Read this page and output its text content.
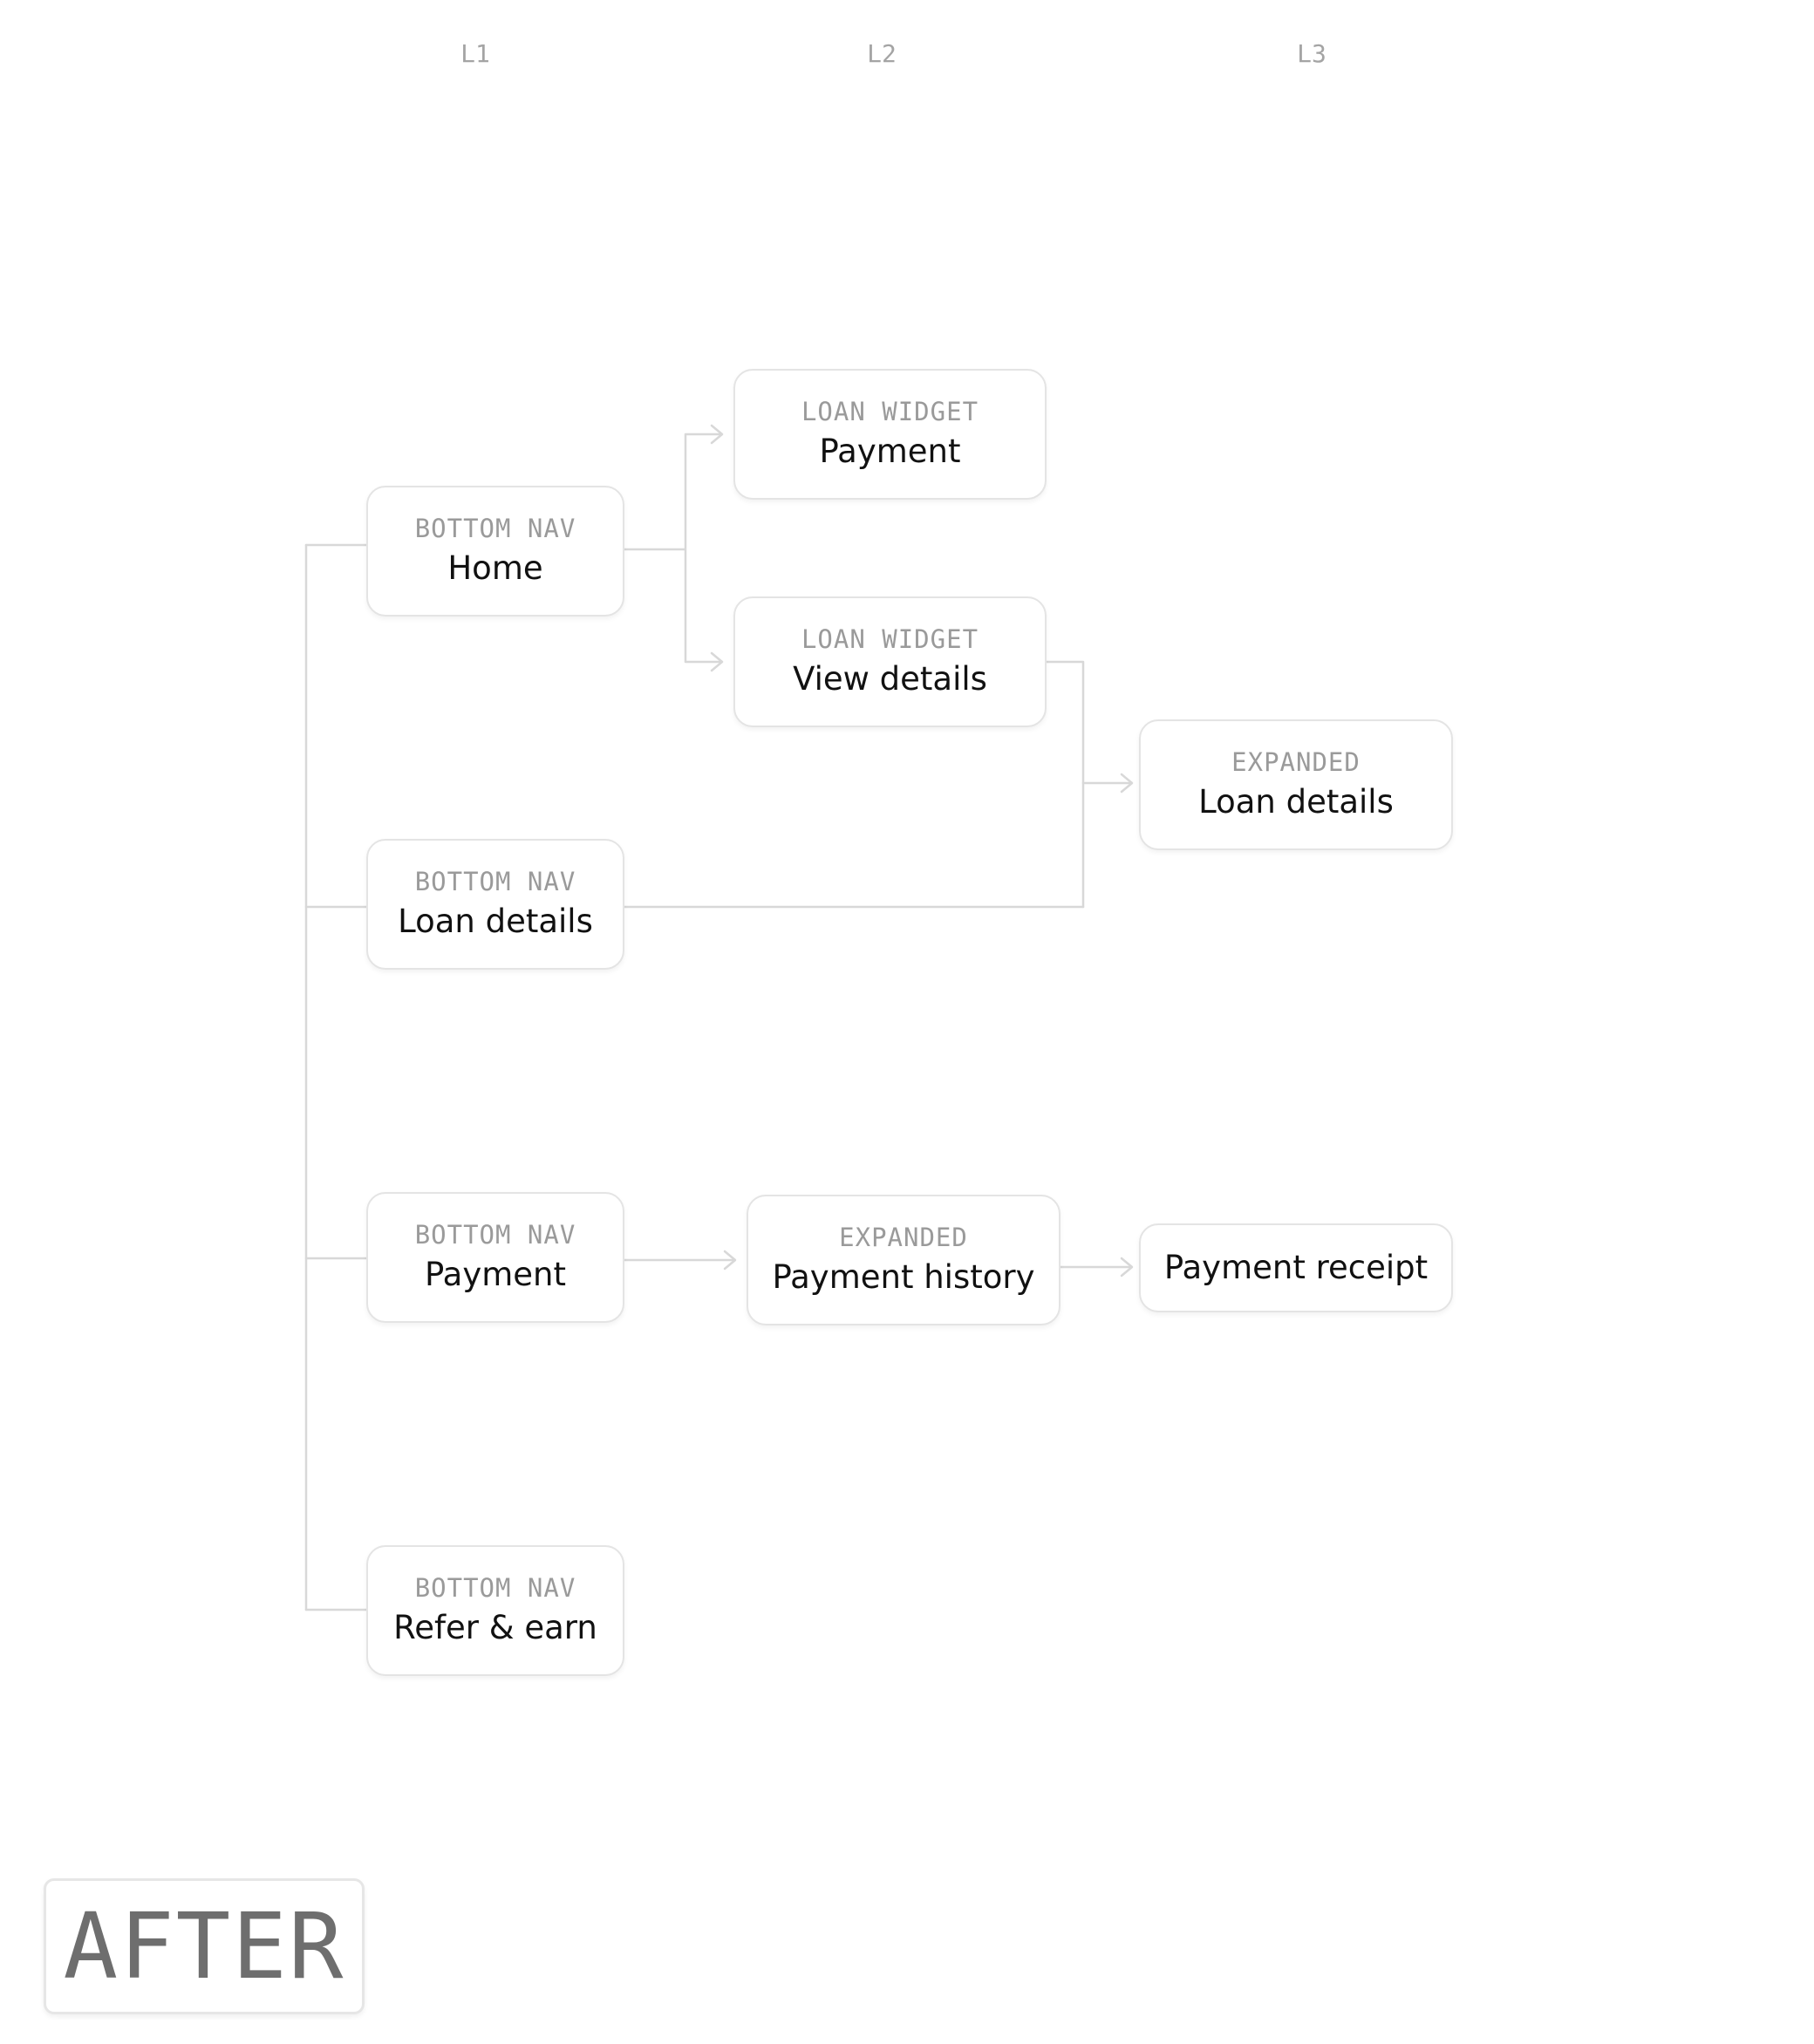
L1	L2	L3
BOTTOM NAV
Home
BOTTOM NAV
Loan details
BOTTOM NAV
Payment
BOTTOM NAV
Refer & earn
LOAN WIDGET
Payment
LOAN WIDGET
View details
EXPANDED
Payment history
EXPANDED
Loan details
Payment receipt
AFTER
